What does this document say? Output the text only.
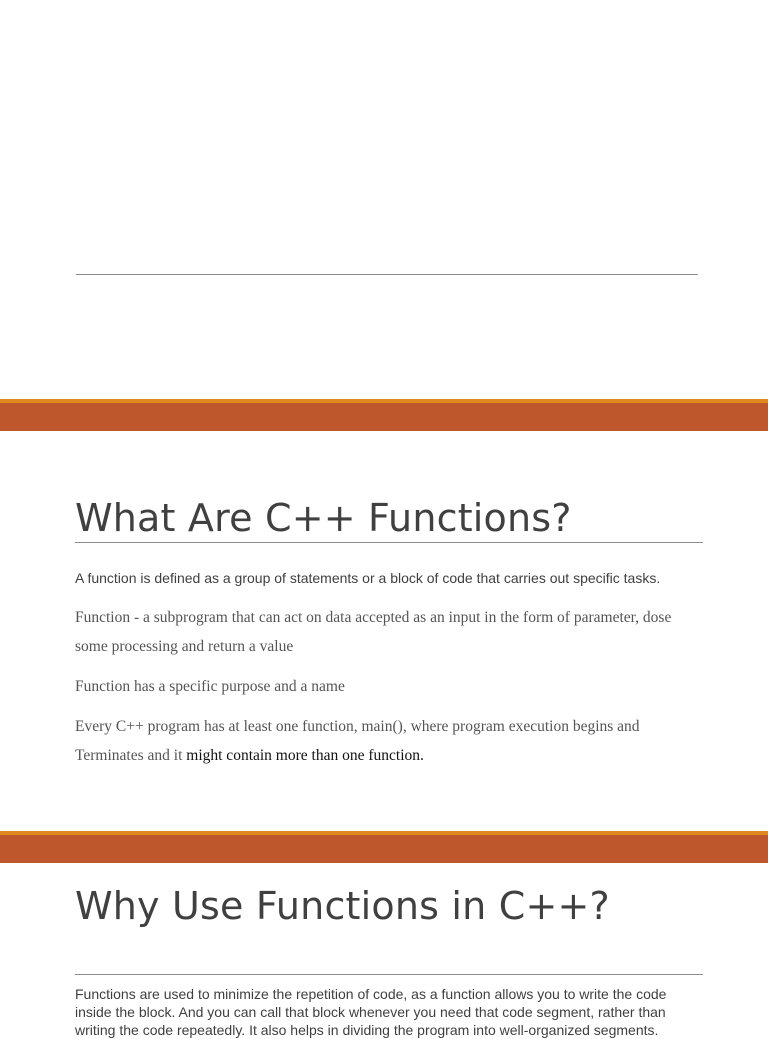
What Are C++ Functions?

A function is defined as a group of statements or a block of code that carries out specific tasks.

Function - a subprogram that can act on data accepted as an input in the form of parameter, dose some processing and return a value

Function has a specific purpose and a name

Every C++ program has at least one function, main(), where program execution begins and Terminates and it might contain more than one function.

Why Use Functions in C++?

Functions are used to minimize the repetition of code, as a function allows you to write the code inside the block. And you can call that block whenever you need that code segment, rather than writing the code repeatedly. It also helps in dividing the program into well-organized segments.
